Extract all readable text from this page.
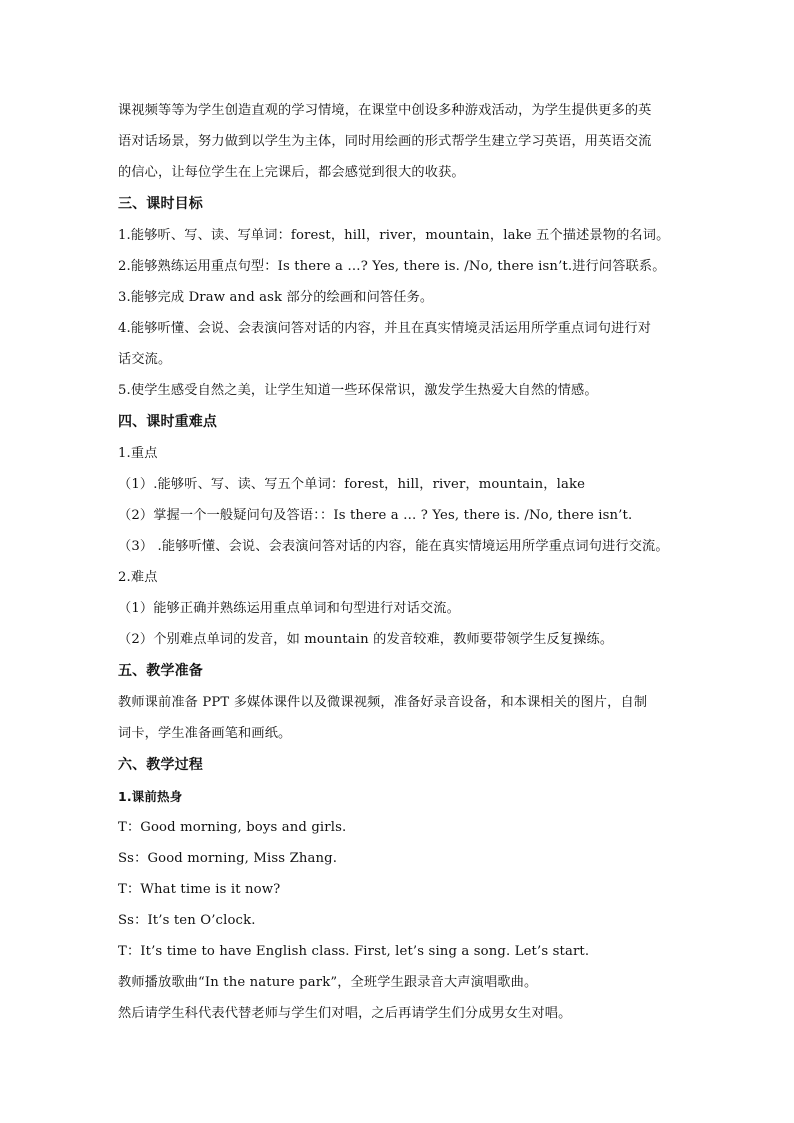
课视频等等为学生创造直观的学习情境，在课堂中创设多种游戏活动，为学生提供更多的英
语对话场景，努力做到以学生为主体，同时用绘画的形式帮学生建立学习英语，用英语交流
的信心，让每位学生在上完课后，都会感觉到很大的收获。
三、课时目标
1.能够听、写、读、写单词：forest，hill，river，mountain，lake 五个描述景物的名词。
2.能够熟练运用重点句型：Is there a …? Yes, there is. /No, there isn’t.进行问答联系。
3.能够完成 Draw and ask 部分的绘画和问答任务。
4.能够听懂、会说、会表演问答对话的内容，并且在真实情境灵活运用所学重点词句进行对
话交流。
5.使学生感受自然之美，让学生知道一些环保常识，激发学生热爱大自然的情感。
四、课时重难点
1.重点
（1）.能够听、写、读、写五个单词：forest，hill，river，mountain，lake
（2）掌握一个一般疑问句及答语：：Is there a … ? Yes, there is. /No, there isn’t.
（3） .能够听懂、会说、会表演问答对话的内容，能在真实情境运用所学重点词句进行交流。
2.难点
（1）能够正确并熟练运用重点单词和句型进行对话交流。
（2）个别难点单词的发音，如 mountain 的发音较难，教师要带领学生反复操练。
五、教学准备
教师课前准备 PPT 多媒体课件以及微课视频，准备好录音设备，和本课相关的图片，自制
词卡，学生准备画笔和画纸。
六、教学过程
1.课前热身
T：Good morning, boys and girls.
Ss：Good morning, Miss Zhang.
T：What time is it now?
Ss：It’s ten O’clock.
T：It’s time to have English class. First, let’s sing a song. Let’s start.
教师播放歌曲“In the nature park”，全班学生跟录音大声演唱歌曲。
然后请学生科代表代替老师与学生们对唱，之后再请学生们分成男女生对唱。
